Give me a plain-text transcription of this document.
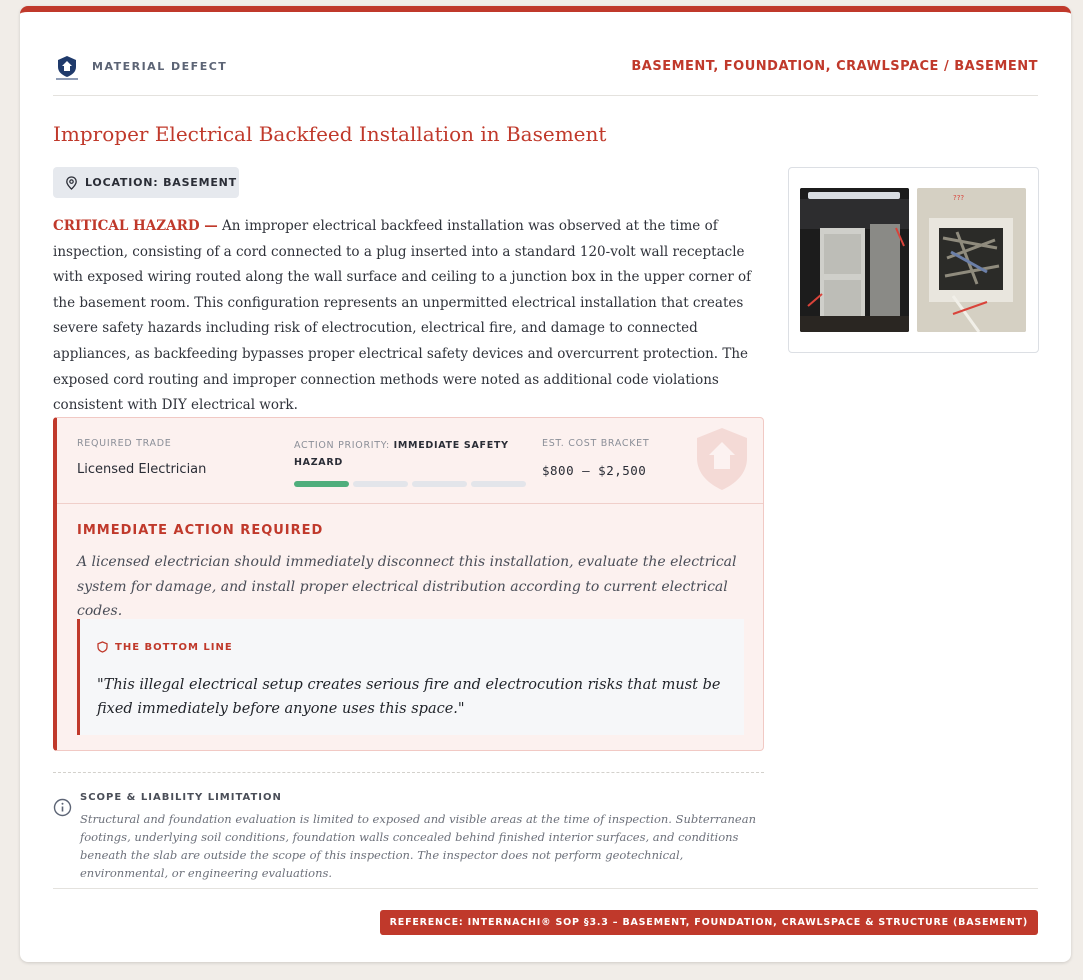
MATERIAL DEFECT	BASEMENT, FOUNDATION, CRAWLSPACE / BASEMENT
Improper Electrical Backfeed Installation in Basement
LOCATION: BASEMENT

CRITICAL HAZARD — An improper electrical backfeed installation was observed at the time of inspection, consisting of a cord connected to a plug inserted into a standard 120-volt wall receptacle with exposed wiring routed along the wall surface and ceiling to a junction box in the upper corner of the basement room. This configuration represents an unpermitted electrical installation that creates severe safety hazards including risk of electrocution, electrical fire, and damage to connected appliances, as backfeeding bypasses proper electrical safety devices and overcurrent protection. The exposed cord routing and improper connection methods were noted as additional code violations consistent with DIY electrical work.

???
REQUIRED TRADE
Licensed Electrician
ACTION PRIORITY: IMMEDIATE SAFETY HAZARD
EST. COST BRACKET
$800 – $2,500
IMMEDIATE ACTION REQUIRED

A licensed electrician should immediately disconnect this installation, evaluate the electrical system for damage, and install proper electrical distribution according to current electrical codes.

THE BOTTOM LINE

"This illegal electrical setup creates serious fire and electrocution risks that must be fixed immediately before anyone uses this space."

SCOPE & LIABILITY LIMITATION

Structural and foundation evaluation is limited to exposed and visible areas at the time of inspection. Subterranean footings, underlying soil conditions, foundation walls concealed behind finished interior surfaces, and conditions beneath the slab are outside the scope of this inspection. The inspector does not perform geotechnical, environmental, or engineering evaluations.

REFERENCE: INTERNACHI® SOP §3.3 – BASEMENT, FOUNDATION, CRAWLSPACE & STRUCTURE (BASEMENT)
